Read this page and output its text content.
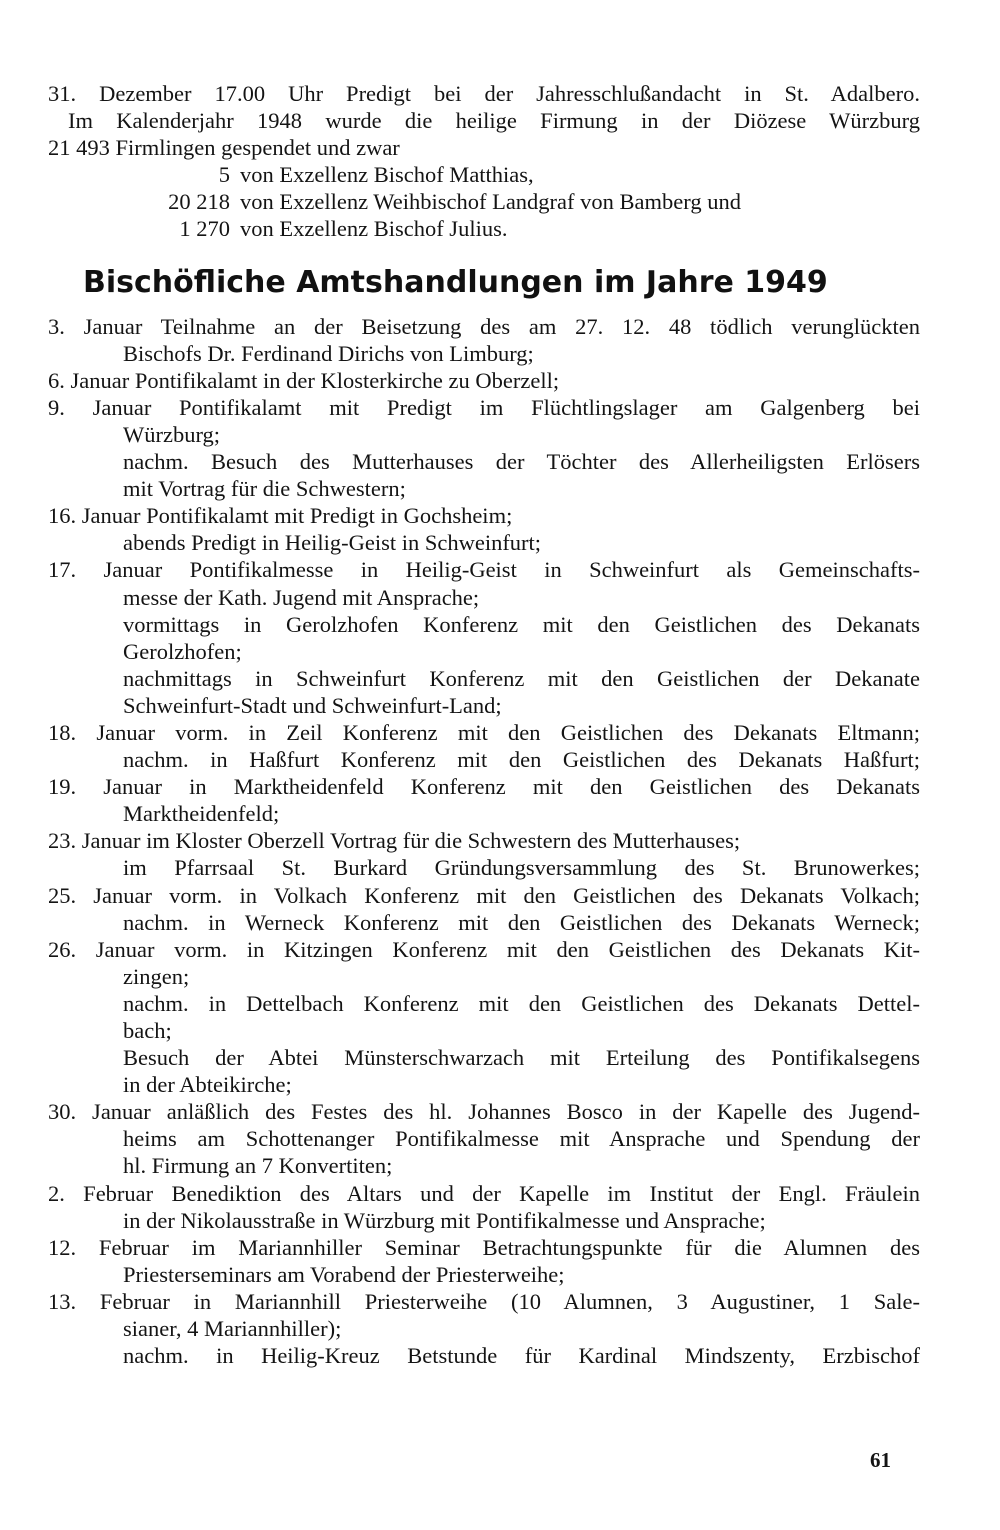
31. Dezember 17.00 Uhr Predigt bei der Jahresschlußandacht in St. Adalbero.
Im Kalenderjahr 1948 wurde die heilige Firmung in der Diözese Würzburg
21 493 Firmlingen gespendet und zwar
5 von Exzellenz Bischof Matthias,
20 218 von Exzellenz Weihbischof Landgraf von Bamberg und
1 270 von Exzellenz Bischof Julius.
Bischöfliche Amtshandlungen im Jahre 1949
3. Januar Teilnahme an der Beisetzung des am 27. 12. 48 tödlich verunglückten
Bischofs Dr. Ferdinand Dirichs von Limburg;
6. Januar Pontifikalamt in der Klosterkirche zu Oberzell;
9. Januar Pontifikalamt mit Predigt im Flüchtlingslager am Galgenberg bei
Würzburg;
nachm. Besuch des Mutterhauses der Töchter des Allerheiligsten Erlösers
mit Vortrag für die Schwestern;
16. Januar Pontifikalamt mit Predigt in Gochsheim;
abends Predigt in Heilig-Geist in Schweinfurt;
17. Januar Pontifikalmesse in Heilig-Geist in Schweinfurt als Gemeinschafts-
messe der Kath. Jugend mit Ansprache;
vormittags in Gerolzhofen Konferenz mit den Geistlichen des Dekanats
Gerolzhofen;
nachmittags in Schweinfurt Konferenz mit den Geistlichen der Dekanate
Schweinfurt-Stadt und Schweinfurt-Land;
18. Januar vorm. in Zeil Konferenz mit den Geistlichen des Dekanats Eltmann;
nachm. in Haßfurt Konferenz mit den Geistlichen des Dekanats Haßfurt;
19. Januar in Marktheidenfeld Konferenz mit den Geistlichen des Dekanats
Marktheidenfeld;
23. Januar im Kloster Oberzell Vortrag für die Schwestern des Mutterhauses;
im Pfarrsaal St. Burkard Gründungsversammlung des St. Brunowerkes;
25. Januar vorm. in Volkach Konferenz mit den Geistlichen des Dekanats Volkach;
nachm. in Werneck Konferenz mit den Geistlichen des Dekanats Werneck;
26. Januar vorm. in Kitzingen Konferenz mit den Geistlichen des Dekanats Kit-
zingen;
nachm. in Dettelbach Konferenz mit den Geistlichen des Dekanats Dettel-
bach;
Besuch der Abtei Münsterschwarzach mit Erteilung des Pontifikalsegens
in der Abteikirche;
30. Januar anläßlich des Festes des hl. Johannes Bosco in der Kapelle des Jugend-
heims am Schottenanger Pontifikalmesse mit Ansprache und Spendung der
hl. Firmung an 7 Konvertiten;
2. Februar Benediktion des Altars und der Kapelle im Institut der Engl. Fräulein
in der Nikolausstraße in Würzburg mit Pontifikalmesse und Ansprache;
12. Februar im Mariannhiller Seminar Betrachtungspunkte für die Alumnen des
Priesterseminars am Vorabend der Priesterweihe;
13. Februar in Mariannhill Priesterweihe (10 Alumnen, 3 Augustiner, 1 Sale-
sianer, 4 Mariannhiller);
nachm. in Heilig-Kreuz Betstunde für Kardinal Mindszenty, Erzbischof
61
